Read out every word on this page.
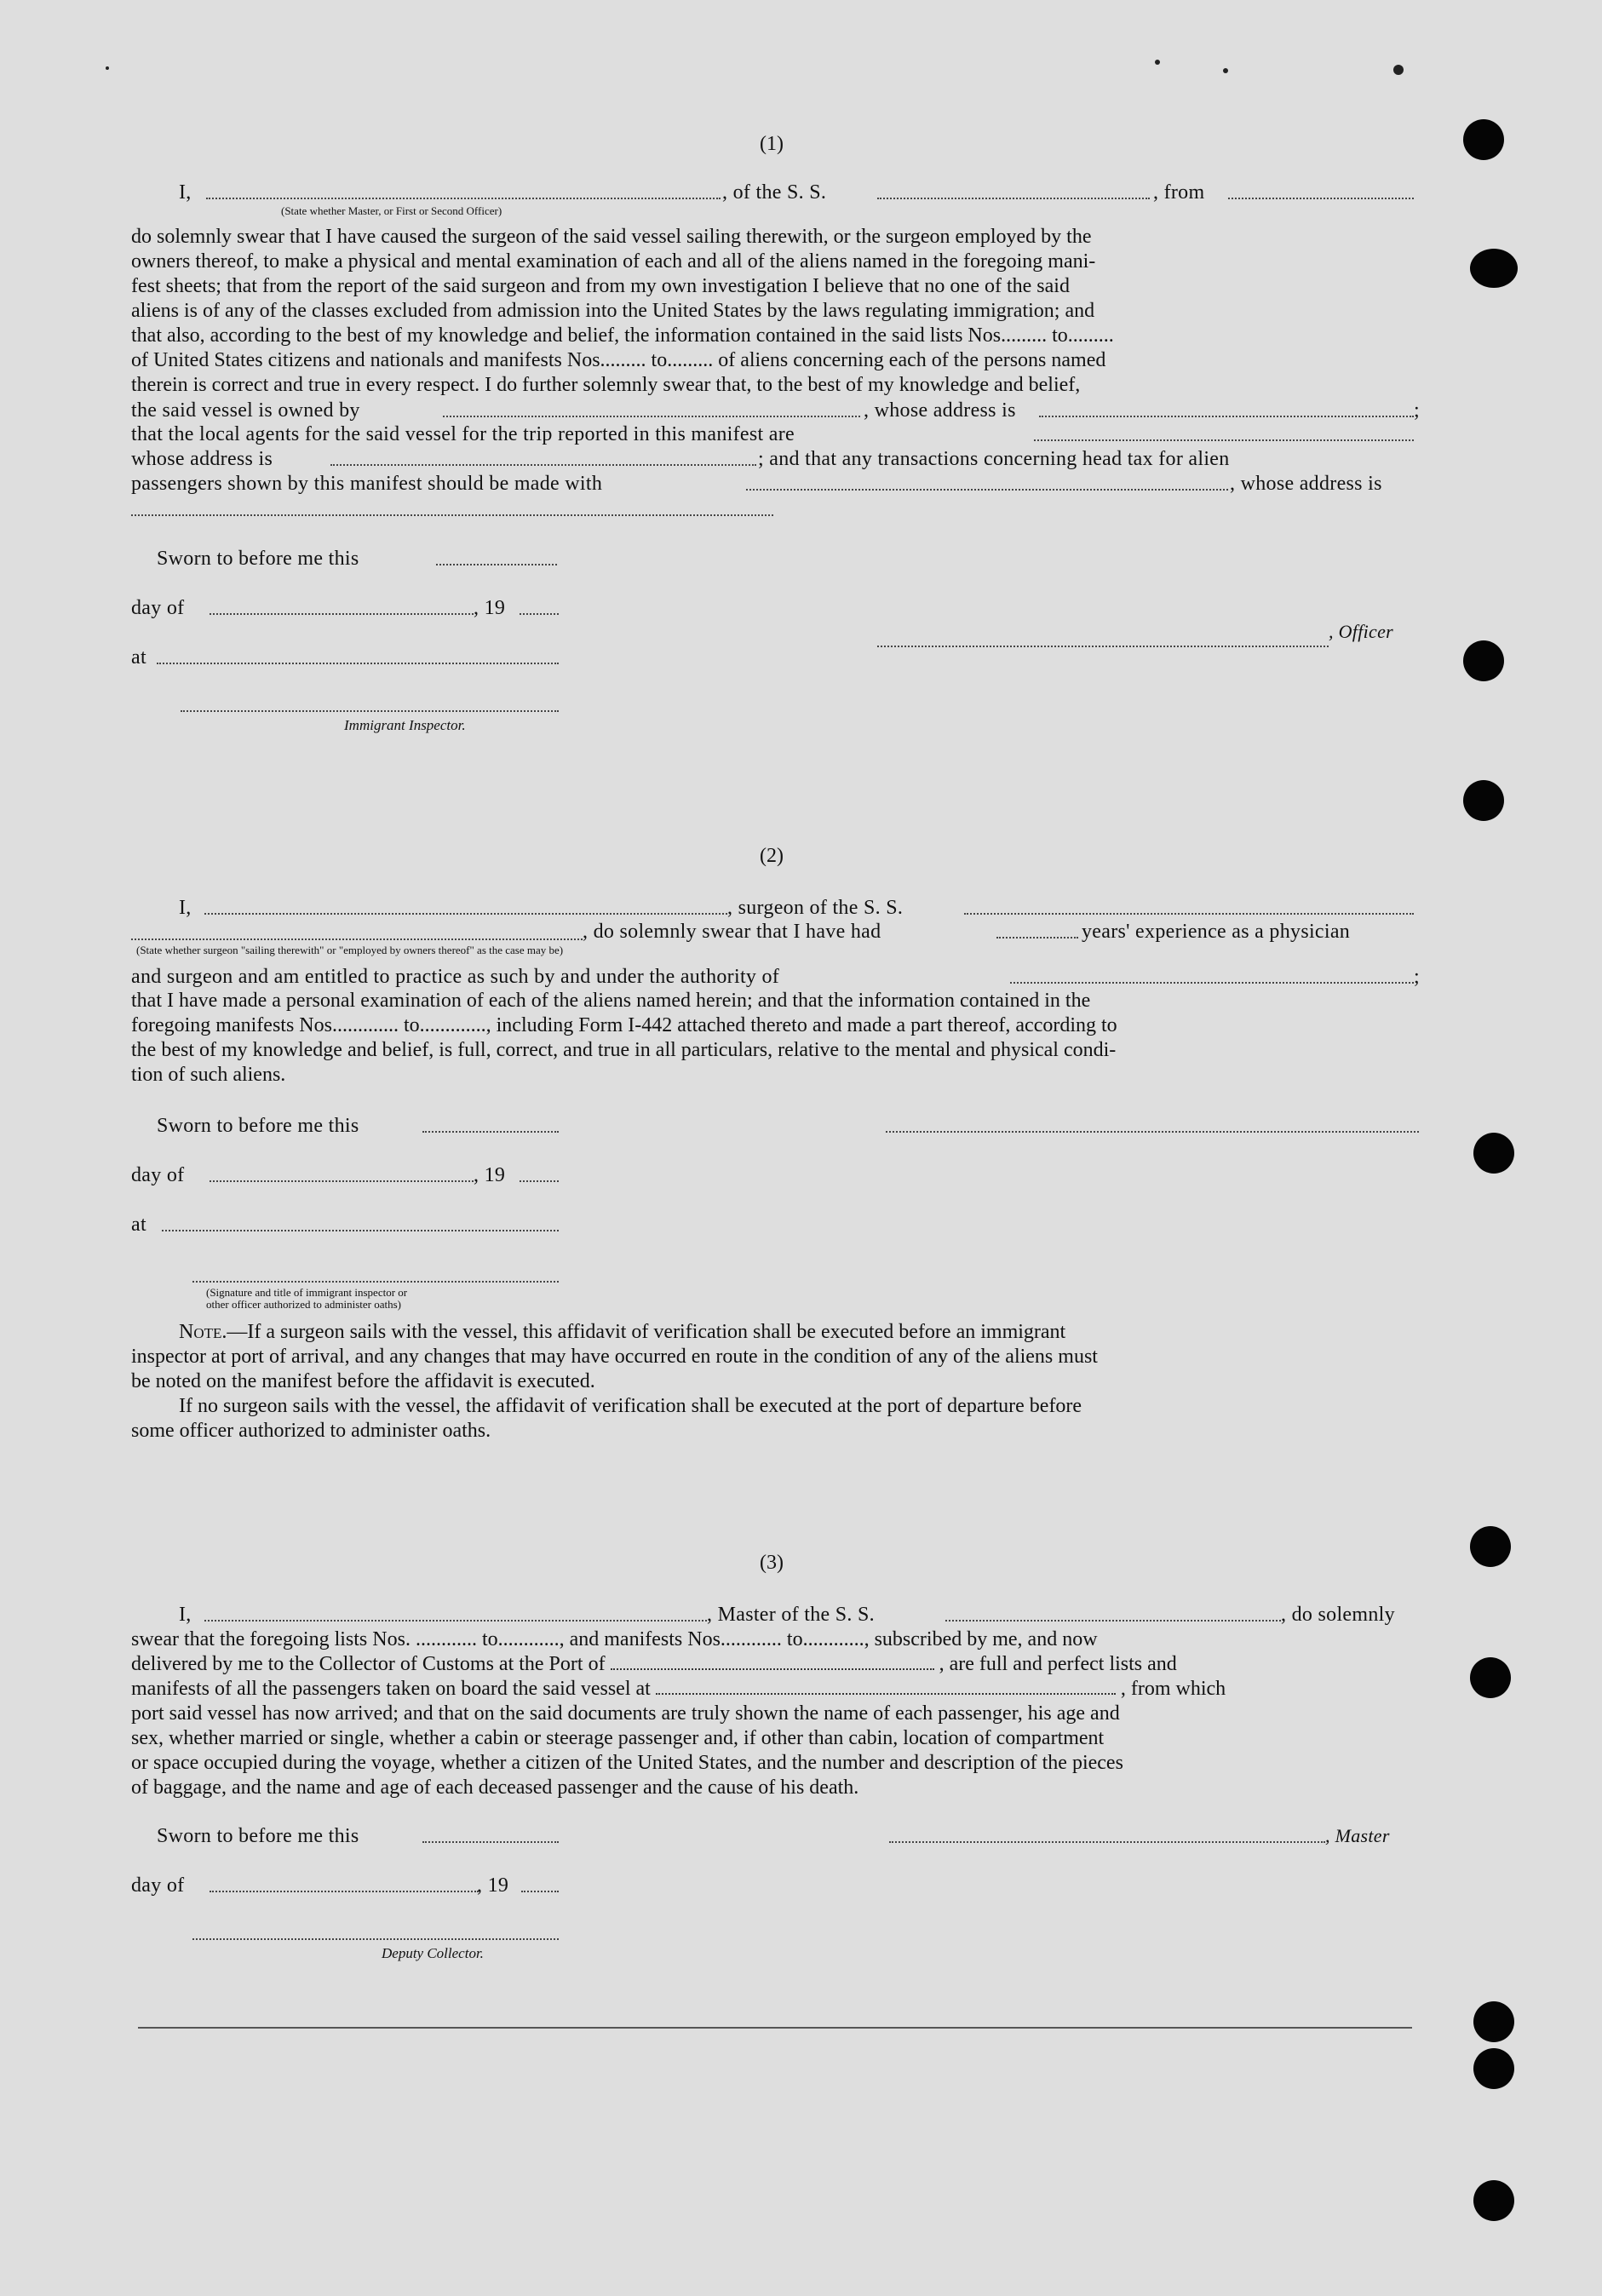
(1)
I,	, of the S. S.	, from
(State whether Master, or First or Second Officer)
do solemnly swear that I have caused the surgeon of the said vessel sailing therewith, or the surgeon employed by the
owners thereof, to make a physical and mental examination of each and all of the aliens named in the foregoing mani-
fest sheets; that from the report of the said surgeon and from my own investigation I believe that no one of the said
aliens is of any of the classes excluded from admission into the United States by the laws regulating immigration; and
that also, according to the best of my knowledge and belief, the information contained in the said lists Nos......... to.........
of United States citizens and nationals and manifests Nos......... to......... of aliens concerning each of the persons named
therein is correct and true in every respect. I do further solemnly swear that, to the best of my knowledge and belief,
the said vessel is owned by	, whose address is	;
that the local agents for the said vessel for the trip reported in this manifest are
whose address is	; and that any transactions concerning head tax for alien
passengers shown by this manifest should be made with	, whose address is
Sworn to before me this
day of	, 19
at
, Officer
Immigrant Inspector.
(2)
I,	, surgeon of the S. S.
, do solemnly swear that I have had	years' experience as a physician
(State whether surgeon "sailing therewith" or "employed by owners thereof" as the case may be)
and surgeon and am entitled to practice as such by and under the authority of	;
that I have made a personal examination of each of the aliens named herein; and that the information contained in the
foregoing manifests Nos............. to............., including Form I-442 attached thereto and made a part thereof, according to
the best of my knowledge and belief, is full, correct, and true in all particulars, relative to the mental and physical condi-
tion of such aliens.
Sworn to before me this
day of	, 19
at
(Signature and title of immigrant inspector or
other officer authorized to administer oaths)
Note.—If a surgeon sails with the vessel, this affidavit of verification shall be executed before an immigrant
inspector at port of arrival, and any changes that may have occurred en route in the condition of any of the aliens must
be noted on the manifest before the affidavit is executed.
If no surgeon sails with the vessel, the affidavit of verification shall be executed at the port of departure before
some officer authorized to administer oaths.
(3)
I,	, Master of the S. S.	, do solemnly
swear that the foregoing lists Nos. ............ to............, and manifests Nos............ to............, subscribed by me, and now
delivered by me to the Collector of Customs at the Port of	, are full and perfect lists and
manifests of all the passengers taken on board the said vessel at	, from which
port said vessel has now arrived; and that on the said documents are truly shown the name of each passenger, his age and
sex, whether married or single, whether a cabin or steerage passenger and, if other than cabin, location of compartment
or space occupied during the voyage, whether a citizen of the United States, and the number and description of the pieces
of baggage, and the name and age of each deceased passenger and the cause of his death.
Sworn to before me this	, Master
day of	, 19
Deputy Collector.
